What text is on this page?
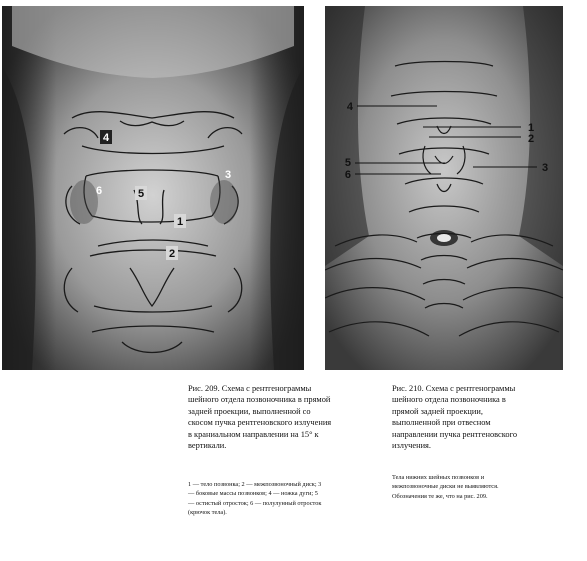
4
3
6	5
1
2
4
1
2
5
6
3

Рис. 209. Схема с рентгенограммы шейного отдела позвоночника в прямой задней проекции, выполненной со скосом пучка рентгеновского излучения в краниальном направлении на 15° к вертикали.

1 — тело позвонка; 2 — межпозвоночный диск; 3 — боковые массы позвонков; 4 — ножка дуги; 5 — остистый отросток; 6 — полулунный отросток (крючок тела).

Рис. 210. Схема с рентгенограммы шейного отдела позвоночника в прямой задней проекции, выполненной при отвесном направлении пучка рентгеновского излучения.

Тела нижних шейных позвонков и межпозвоночные диски не выявляются. Обозначения те же, что на рис. 209.
